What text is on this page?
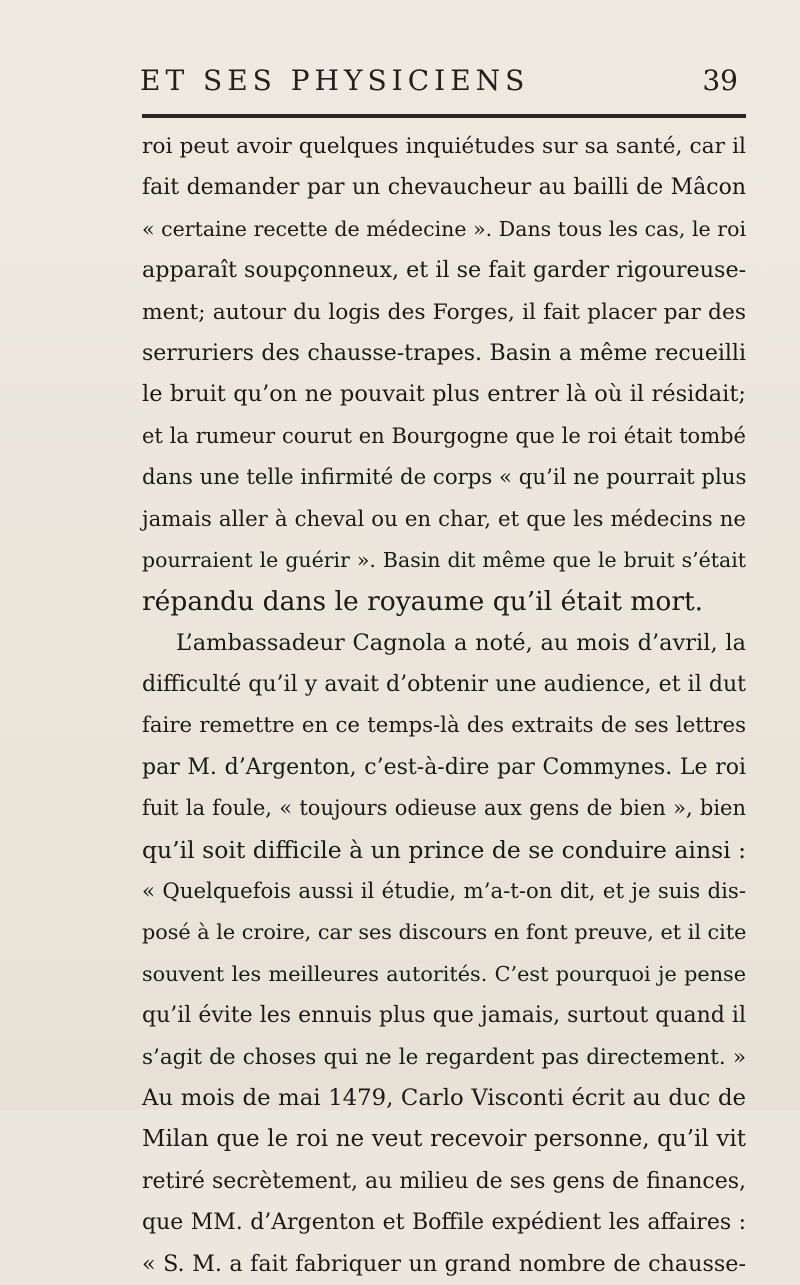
ET SES PHYSICIENS	39
roi peut avoir quelques inquiétudes sur sa santé, car il
fait demander par un chevaucheur au bailli de Mâcon
« certaine recette de médecine ». Dans tous les cas, le roi
apparaît soupçonneux, et il se fait garder rigoureuse-
ment; autour du logis des Forges, il fait placer par des
serruriers des chausse-trapes. Basin a même recueilli
le bruit qu’on ne pouvait plus entrer là où il résidait;
et la rumeur courut en Bourgogne que le roi était tombé
dans une telle infirmité de corps « qu’il ne pourrait plus
jamais aller à cheval ou en char, et que les médecins ne
pourraient le guérir ». Basin dit même que le bruit s’était
répandu dans le royaume qu’il était mort.
L’ambassadeur Cagnola a noté, au mois d’avril, la
difficulté qu’il y avait d’obtenir une audience, et il dut
faire remettre en ce temps-là des extraits de ses lettres
par M. d’Argenton, c’est-à-dire par Commynes. Le roi
fuit la foule, « toujours odieuse aux gens de bien », bien
qu’il soit difficile à un prince de se conduire ainsi :
« Quelquefois aussi il étudie, m’a-t-on dit, et je suis dis-
posé à le croire, car ses discours en font preuve, et il cite
souvent les meilleures autorités. C’est pourquoi je pense
qu’il évite les ennuis plus que jamais, surtout quand il
s’agit de choses qui ne le regardent pas directement. »
Au mois de mai 1479, Carlo Visconti écrit au duc de
Milan que le roi ne veut recevoir personne, qu’il vit
retiré secrètement, au milieu de ses gens de finances,
que MM. d’Argenton et Boffile expédient les affaires :
« S. M. a fait fabriquer un grand nombre de chausse-
